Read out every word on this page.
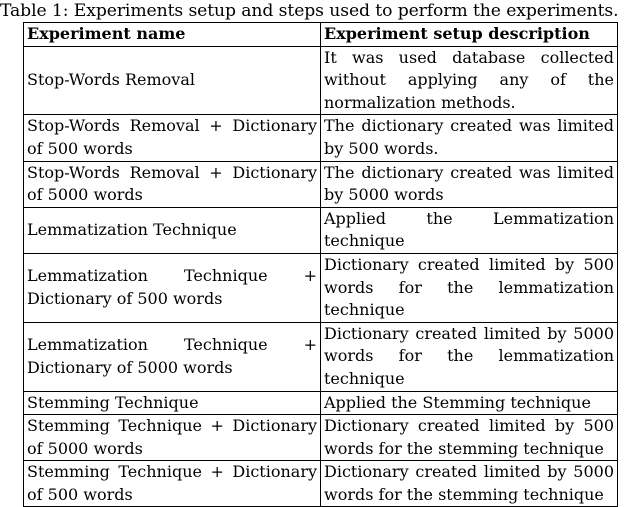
Table 1: Experiments setup and steps used to perform the experiments.
Experiment name	Experiment setup description
Stop-Words Removal	It was used database collected without applying any of the normalization methods.
Stop-Words Removal + Dictionary of 500 words	The dictionary created was limited by 500 words.
Stop-Words Removal + Dictionary of 5000 words	The dictionary created was limited by 5000 words
Lemmatization Technique	Applied the Lemmatization technique
Lemmatization Technique + Dictionary of 500 words	Dictionary created limited by 500 words for the lemmatization technique
Lemmatization Technique + Dictionary of 5000 words	Dictionary created limited by 5000 words for the lemmatization technique
Stemming Technique	Applied the Stemming technique
Stemming Technique + Dictionary of 5000 words	Dictionary created limited by 500 words for the stemming technique
Stemming Technique + Dictionary of 500 words	Dictionary created limited by 5000 words for the stemming technique
